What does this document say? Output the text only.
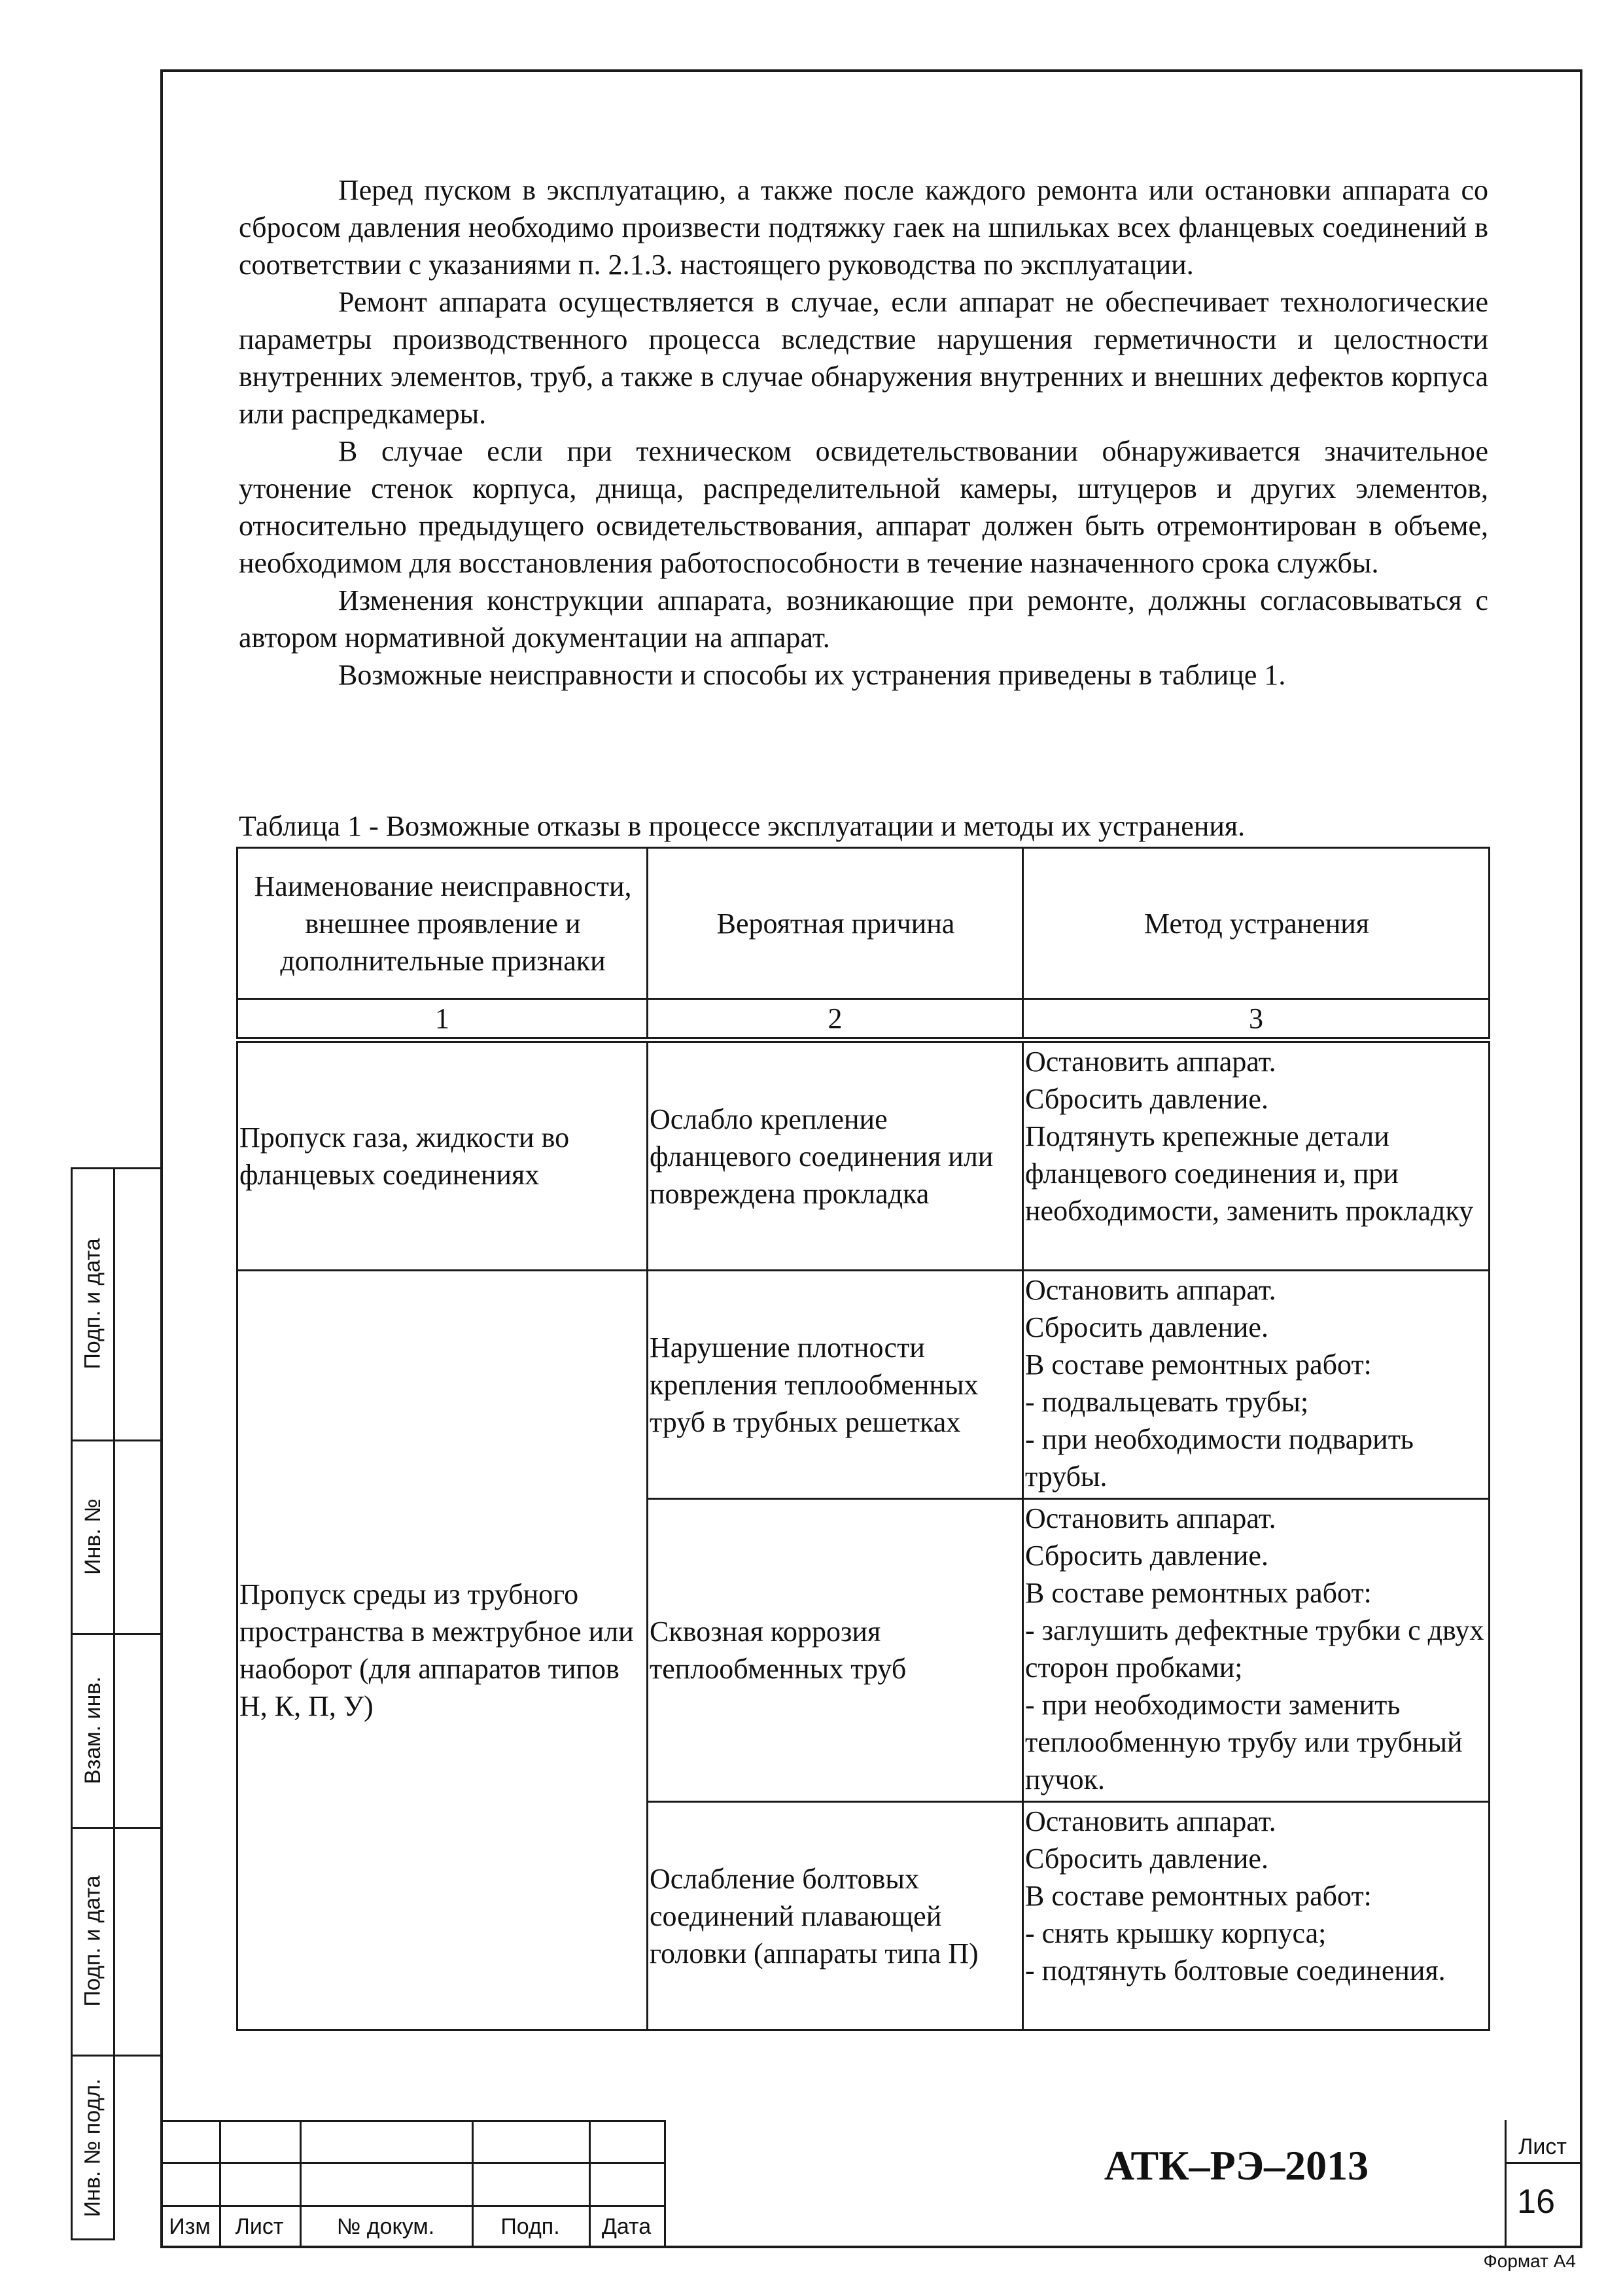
Перед пуском в эксплуатацию, а также после каждого ремонта или остановки аппарата со сбросом давления необходимо произвести подтяжку гаек на шпильках всех фланцевых соединений в соответствии с указаниями п. 2.1.3. настоящего руководства по эксплуатации.

Ремонт аппарата осуществляется в случае, если аппарат не обеспечивает технологические параметры производственного процесса вследствие нарушения герметичности и целостности внутренних элементов, труб, а также в случае обнаружения внутренних и внешних дефектов корпуса или распредкамеры.

В случае если при техническом освидетельствовании обнаруживается значительное утонение стенок корпуса, днища, распределительной камеры, штуцеров и других элементов, относительно предыдущего освидетельствования, аппарат должен быть отремонтирован в объеме, необходимом для восстановления работоспособности в течение назначенного срока службы.

Изменения конструкции аппарата, возникающие при ремонте, должны согласовываться с автором нормативной документации на аппарат.

Возможные неисправности и способы их устранения приведены в таблице 1.

Таблица 1 - Возможные отказы в процессе эксплуатации и методы их устранения.
Наименование неисправности, внешнее проявление и дополнительные признаки	Вероятная причина	Метод устранения
1	2	3
Пропуск газа, жидкости во фланцевых соединениях	Ослабло крепление фланцевого соединения или повреждена прокладка	Остановить аппарат.
Сбросить давление.
Подтянуть крепежные детали фланцевого соединения и, при необходимости, заменить прокладку
Пропуск среды из трубного пространства в межтрубное или наоборот (для аппаратов типов Н, К, П, У)	Нарушение плотности крепления теплообменных труб в трубных решетках	Остановить аппарат.
Сбросить давление.
В составе ремонтных работ:
- подвальцевать трубы;
- при необходимости подварить трубы.
	Сквозная коррозия теплообменных труб	Остановить аппарат.
Сбросить давление.
В составе ремонтных работ:
- заглушить дефектные трубки с двух сторон пробками;
- при необходимости заменить теплообменную трубу или трубный пучок.
	Ослабление болтовых соединений плавающей головки (аппараты типа П)	Остановить аппарат.
Сбросить давление.
В составе ремонтных работ:
- снять крышку корпуса;
- подтянуть болтовые соединения.
Подп. и дата
Инв. №
Взам. инв.
Подп. и дата
Инв. № подл.
Изм	Лист	№ докум.	Подп.	Дата
АТК–РЭ–2013	Лист
16
Формат А4
